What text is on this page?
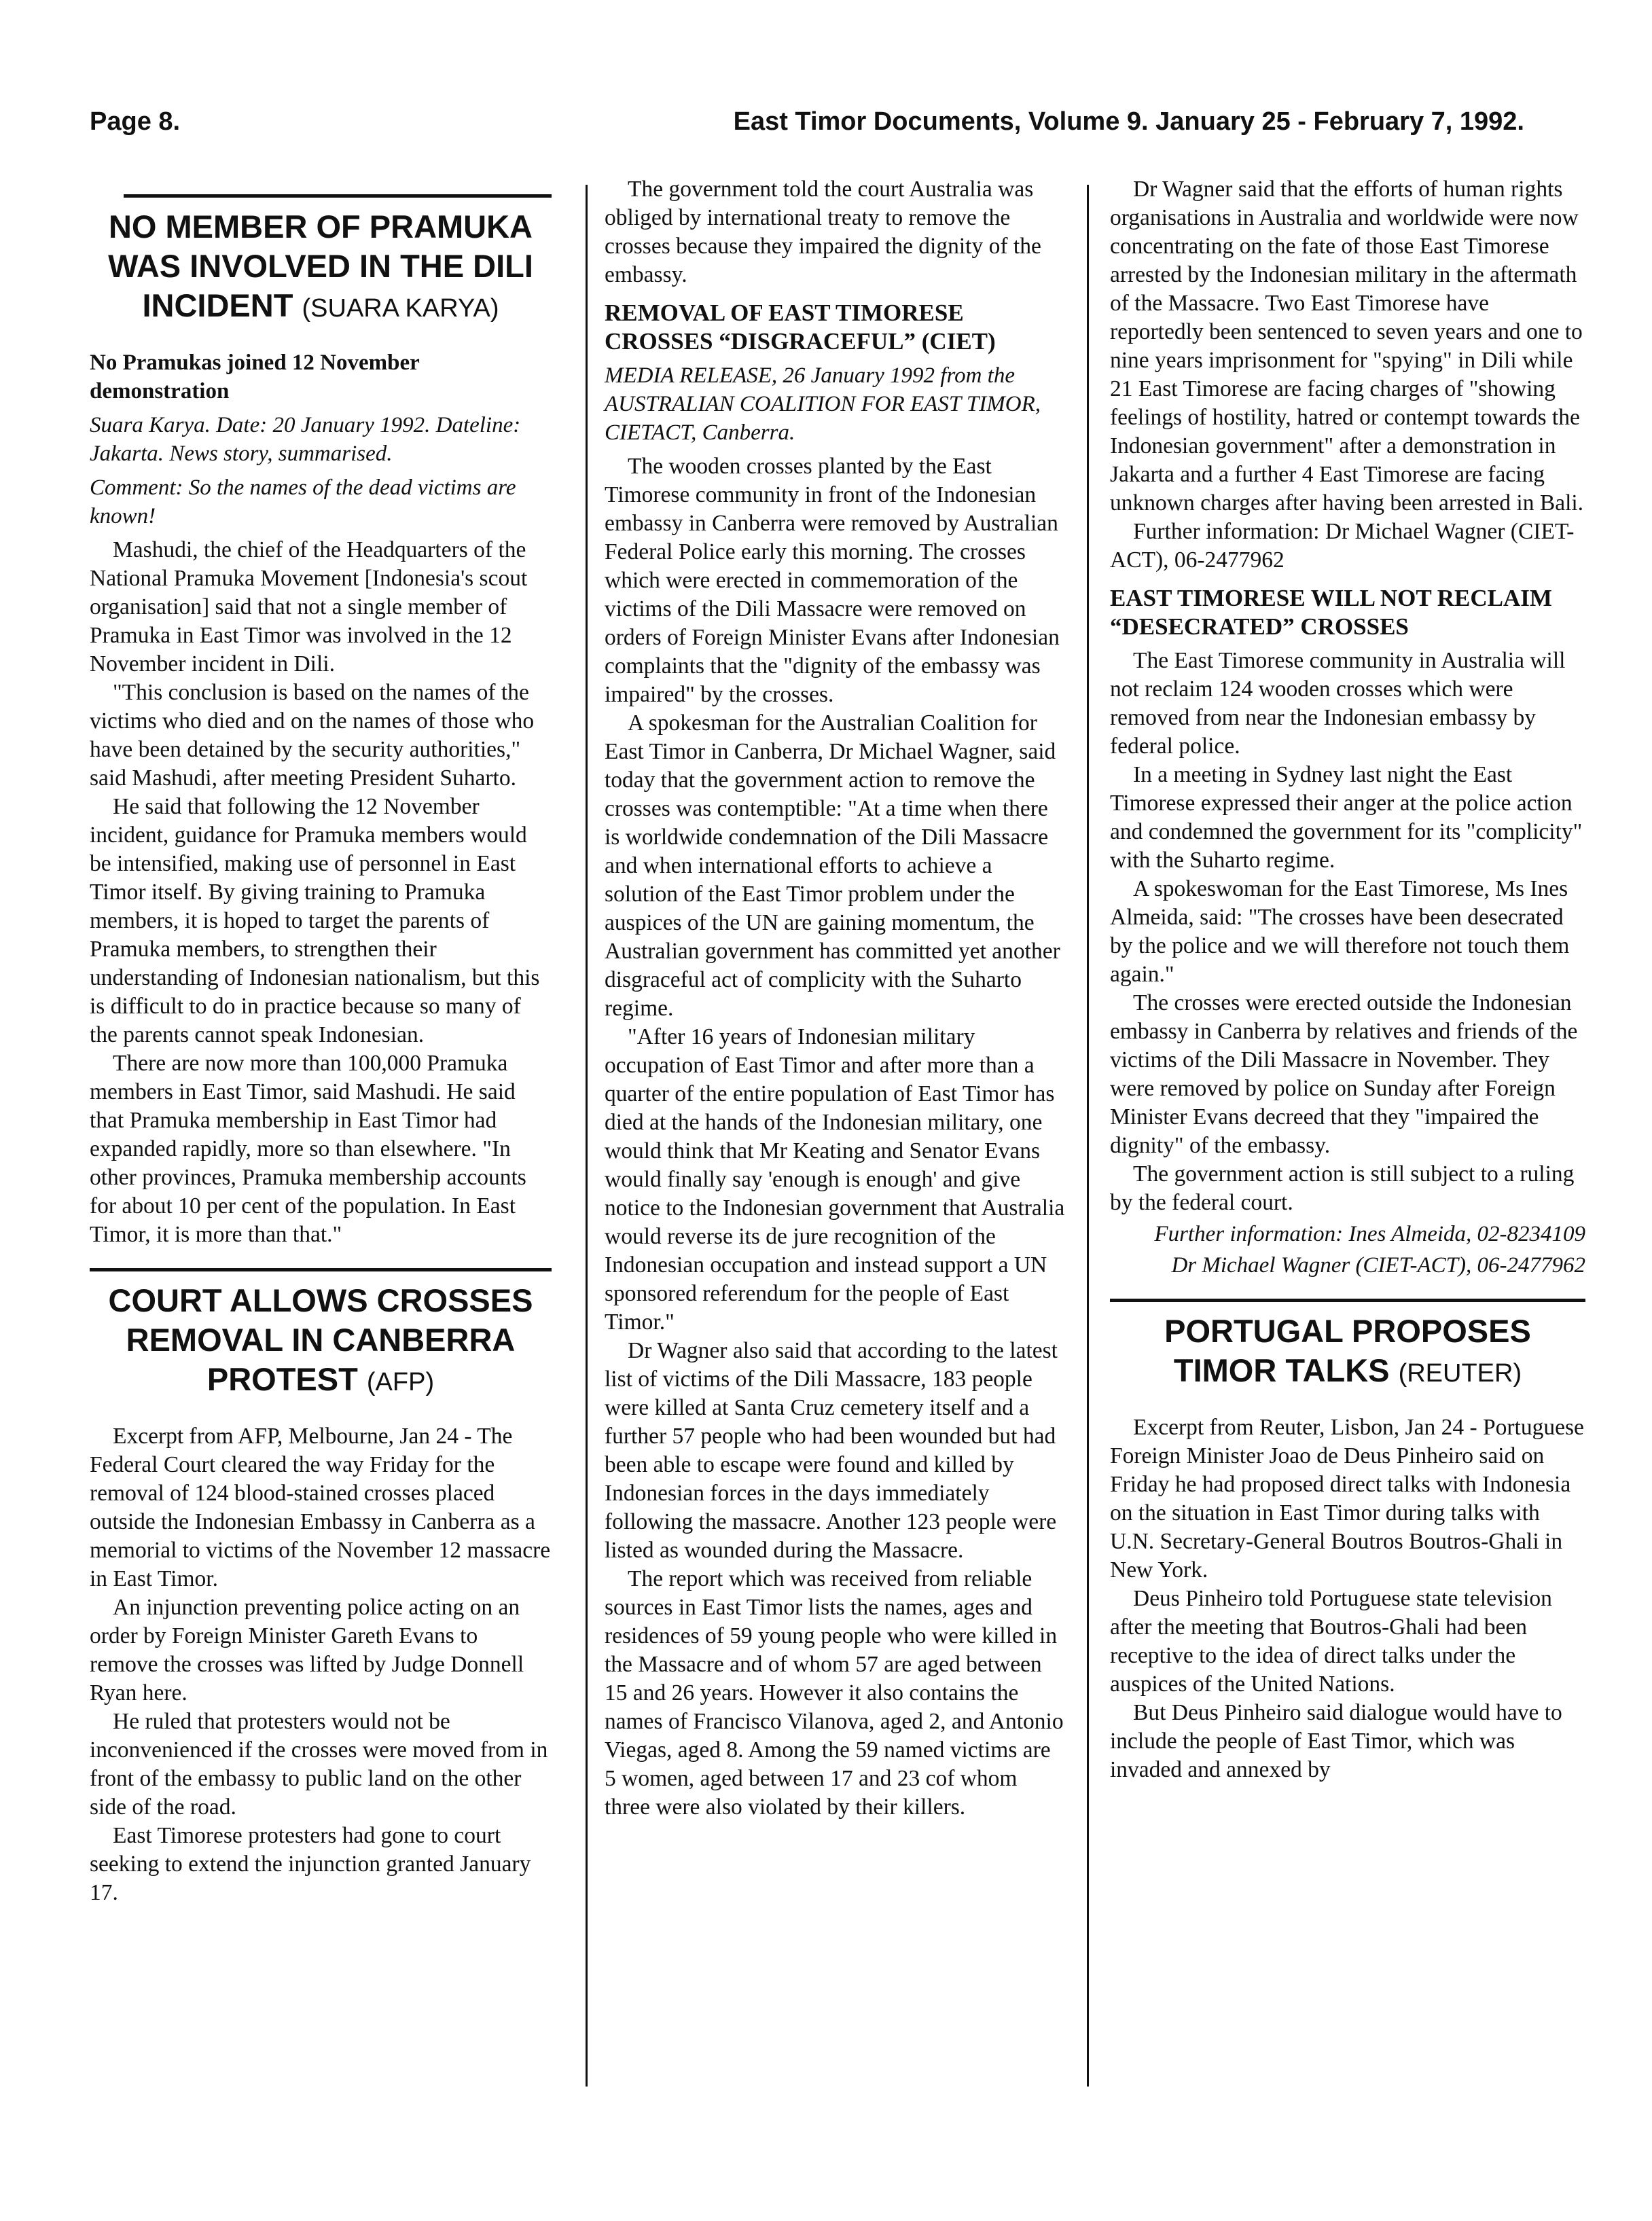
Page 8.	East Timor Documents, Volume 9. January 25 - February 7, 1992.
NO MEMBER OF PRAMUKA WAS INVOLVED IN THE DILI INCIDENT (SUARA KARYA)
No Pramukas joined 12 November demonstration
Suara Karya. Date: 20 January 1992. Dateline: Jakarta. News story, summarised.
Comment: So the names of the dead victims are known!

Mashudi, the chief of the Headquarters of the National Pramuka Movement [Indonesia's scout organisation] said that not a single member of Pramuka in East Timor was involved in the 12 November incident in Dili.

"This conclusion is based on the names of the victims who died and on the names of those who have been detained by the security authorities," said Mashudi, after meeting President Suharto.

He said that following the 12 November incident, guidance for Pramuka members would be intensified, making use of personnel in East Timor itself. By giving training to Pramuka members, it is hoped to target the parents of Pramuka members, to strengthen their understanding of Indonesian nationalism, but this is difficult to do in practice because so many of the parents cannot speak Indonesian.

There are now more than 100,000 Pramuka members in East Timor, said Mashudi. He said that Pramuka membership in East Timor had expanded rapidly, more so than elsewhere. "In other provinces, Pramuka membership accounts for about 10 per cent of the population. In East Timor, it is more than that."

COURT ALLOWS CROSSES REMOVAL IN CANBERRA PROTEST (AFP)

Excerpt from AFP, Melbourne, Jan 24 - The Federal Court cleared the way Friday for the removal of 124 blood-stained crosses placed outside the Indonesian Embassy in Canberra as a memorial to victims of the November 12 massacre in East Timor.

An injunction preventing police acting on an order by Foreign Minister Gareth Evans to remove the crosses was lifted by Judge Donnell Ryan here.

He ruled that protesters would not be inconvenienced if the crosses were moved from in front of the embassy to public land on the other side of the road.

East Timorese protesters had gone to court seeking to extend the injunction granted January 17.

The government told the court Australia was obliged by international treaty to remove the crosses because they impaired the dignity of the embassy.

REMOVAL OF EAST TIMORESE CROSSES “DISGRACEFUL” (CIET)
MEDIA RELEASE, 26 January 1992 from the AUSTRALIAN COALITION FOR EAST TIMOR, CIETACT, Canberra.

The wooden crosses planted by the East Timorese community in front of the Indonesian embassy in Canberra were removed by Australian Federal Police early this morning. The crosses which were erected in commemoration of the victims of the Dili Massacre were removed on orders of Foreign Minister Evans after Indonesian complaints that the "dignity of the embassy was impaired" by the crosses.

A spokesman for the Australian Coalition for East Timor in Canberra, Dr Michael Wagner, said today that the government action to remove the crosses was contemptible: "At a time when there is worldwide condemnation of the Dili Massacre and when international efforts to achieve a solution of the East Timor problem under the auspices of the UN are gaining momentum, the Australian government has committed yet another disgraceful act of complicity with the Suharto regime.

"After 16 years of Indonesian military occupation of East Timor and after more than a quarter of the entire population of East Timor has died at the hands of the Indonesian military, one would think that Mr Keating and Senator Evans would finally say 'enough is enough' and give notice to the Indonesian government that Australia would reverse its de jure recognition of the Indonesian occupation and instead support a UN sponsored referendum for the people of East Timor."

Dr Wagner also said that according to the latest list of victims of the Dili Massacre, 183 people were killed at Santa Cruz cemetery itself and a further 57 people who had been wounded but had been able to escape were found and killed by Indonesian forces in the days immediately following the massacre. Another 123 people were listed as wounded during the Massacre.

The report which was received from reliable sources in East Timor lists the names, ages and residences of 59 young people who were killed in the Massacre and of whom 57 are aged between 15 and 26 years. However it also contains the names of Francisco Vilanova, aged 2, and Antonio Viegas, aged 8. Among the 59 named victims are 5 women, aged between 17 and 23 cof whom three were also violated by their killers.

Dr Wagner said that the efforts of human rights organisations in Australia and worldwide were now concentrating on the fate of those East Timorese arrested by the Indonesian military in the aftermath of the Massacre. Two East Timorese have reportedly been sentenced to seven years and one to nine years imprisonment for "spying" in Dili while 21 East Timorese are facing charges of "showing feelings of hostility, hatred or contempt towards the Indonesian government" after a demonstration in Jakarta and a further 4 East Timorese are facing unknown charges after having been arrested in Bali.

Further information: Dr Michael Wagner (CIET-ACT), 06-2477962

EAST TIMORESE WILL NOT RECLAIM “DESECRATED” CROSSES

The East Timorese community in Australia will not reclaim 124 wooden crosses which were removed from near the Indonesian embassy by federal police.

In a meeting in Sydney last night the East Timorese expressed their anger at the police action and condemned the government for its "complicity" with the Suharto regime.

A spokeswoman for the East Timorese, Ms Ines Almeida, said: "The crosses have been desecrated by the police and we will therefore not touch them again."

The crosses were erected outside the Indonesian embassy in Canberra by relatives and friends of the victims of the Dili Massacre in November. They were removed by police on Sunday after Foreign Minister Evans decreed that they "impaired the dignity" of the embassy.

The government action is still subject to a ruling by the federal court.

Further information: Ines Almeida, 02-8234109
Dr Michael Wagner (CIET-ACT), 06-2477962
PORTUGAL PROPOSES TIMOR TALKS (REUTER)

Excerpt from Reuter, Lisbon, Jan 24 - Portuguese Foreign Minister Joao de Deus Pinheiro said on Friday he had proposed direct talks with Indonesia on the situation in East Timor during talks with U.N. Secretary-General Boutros Boutros-Ghali in New York.

Deus Pinheiro told Portuguese state television after the meeting that Boutros-Ghali had been receptive to the idea of direct talks under the auspices of the United Nations.

But Deus Pinheiro said dialogue would have to include the people of East Timor, which was invaded and annexed by
